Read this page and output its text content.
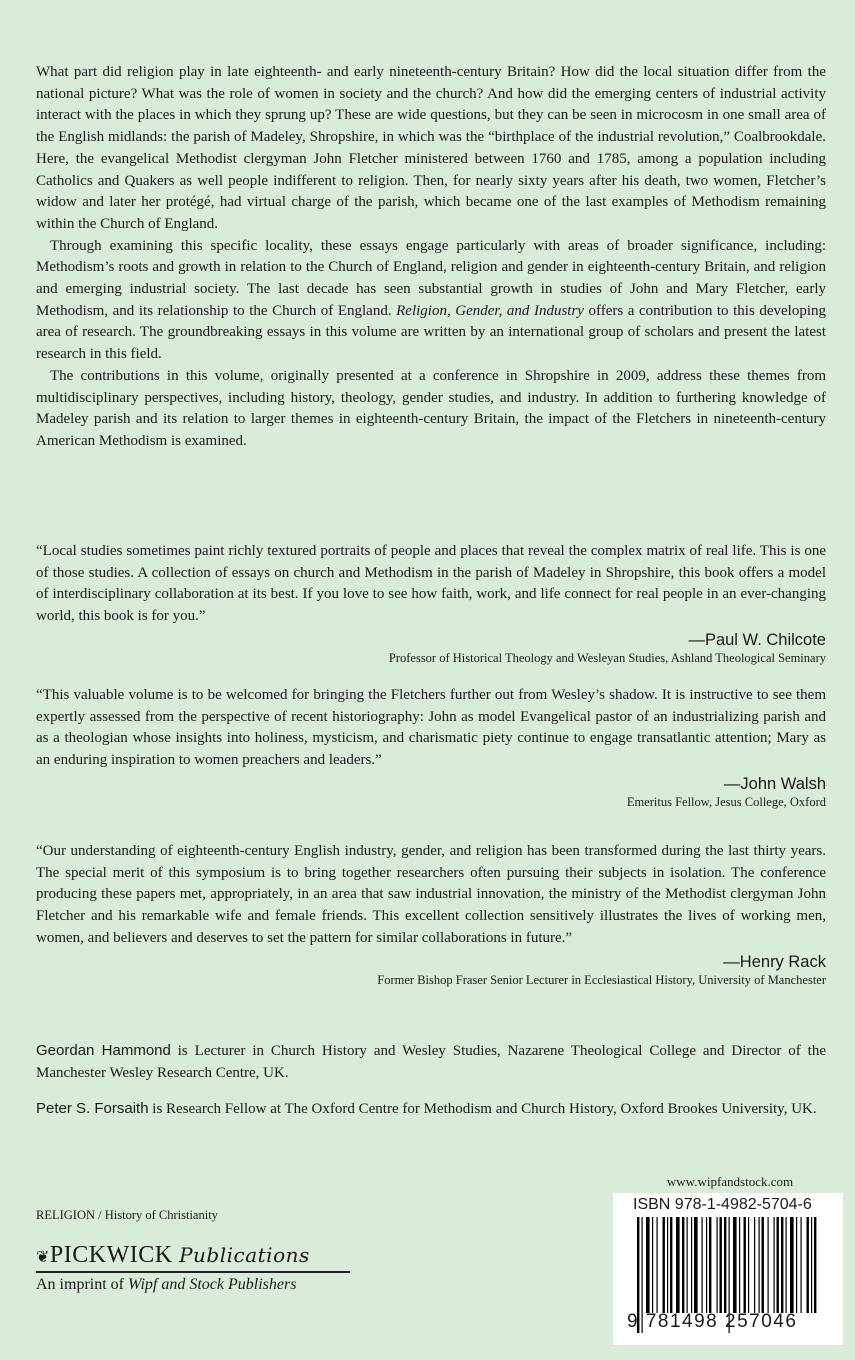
What part did religion play in late eighteenth- and early nineteenth-century Britain? How did the local situation differ from the national picture? What was the role of women in society and the church? And how did the emerging centers of industrial activity interact with the places in which they sprung up? These are wide questions, but they can be seen in microcosm in one small area of the English midlands: the parish of Madeley, Shropshire, in which was the “birthplace of the industrial revolution,” Coalbrookdale. Here, the evangelical Methodist clergyman John Fletcher ministered between 1760 and 1785, among a population including Catholics and Quakers as well people indifferent to religion. Then, for nearly sixty years after his death, two women, Fletcher’s widow and later her protégé, had virtual charge of the parish, which became one of the last examples of Methodism remaining within the Church of England.

Through examining this specific locality, these essays engage particularly with areas of broader significance, including: Methodism’s roots and growth in relation to the Church of England, religion and gender in eighteenth-century Britain, and religion and emerging industrial society. The last decade has seen substantial growth in studies of John and Mary Fletcher, early Methodism, and its relationship to the Church of England. Religion, Gender, and Industry offers a contribution to this developing area of research. The groundbreaking essays in this volume are written by an international group of scholars and present the latest research in this field.

The contributions in this volume, originally presented at a conference in Shropshire in 2009, address these themes from multidisciplinary perspectives, including history, theology, gender studies, and industry. In addition to furthering knowledge of Madeley parish and its relation to larger themes in eighteenth-century Britain, the impact of the Fletchers in nineteenth-century American Methodism is examined.

“Local studies sometimes paint richly textured portraits of people and places that reveal the complex matrix of real life. This is one of those studies. A collection of essays on church and Methodism in the parish of Madeley in Shropshire, this book offers a model of interdisciplinary collaboration at its best. If you love to see how faith, work, and life connect for real people in an ever-changing world, this book is for you.”

—Paul W. Chilcote
Professor of Historical Theology and Wesleyan Studies, Ashland Theological Seminary

“This valuable volume is to be welcomed for bringing the Fletchers further out from Wesley’s shadow. It is instructive to see them expertly assessed from the perspective of recent historiography: John as model Evangelical pastor of an industrializing parish and as a theologian whose insights into holiness, mysticism, and charismatic piety continue to engage transatlantic attention; Mary as an enduring inspiration to women preachers and leaders.”

—John Walsh
Emeritus Fellow, Jesus College, Oxford

“Our understanding of eighteenth-century English industry, gender, and religion has been transformed during the last thirty years. The special merit of this symposium is to bring together researchers often pursuing their subjects in isolation. The conference producing these papers met, appropriately, in an area that saw industrial innovation, the ministry of the Methodist clergyman John Fletcher and his remarkable wife and female friends. This excellent collection sensitively illustrates the lives of working men, women, and believers and deserves to set the pattern for similar collaborations in future.”

—Henry Rack
Former Bishop Fraser Senior Lecturer in Ecclesiastical History, University of Manchester
Geordan Hammond is Lecturer in Church History and Wesley Studies, Nazarene Theological College and Director of the Manchester Wesley Research Centre, UK.
Peter S. Forsaith is Research Fellow at The Oxford Centre for Methodism and Church History, Oxford Brookes University, UK.
RELIGION / History of Christianity
❦PICKWICK Publications
An imprint of Wipf and Stock Publishers
www.wipfandstock.com
ISBN 978-1-4982-5704-6
9 781498 257046
